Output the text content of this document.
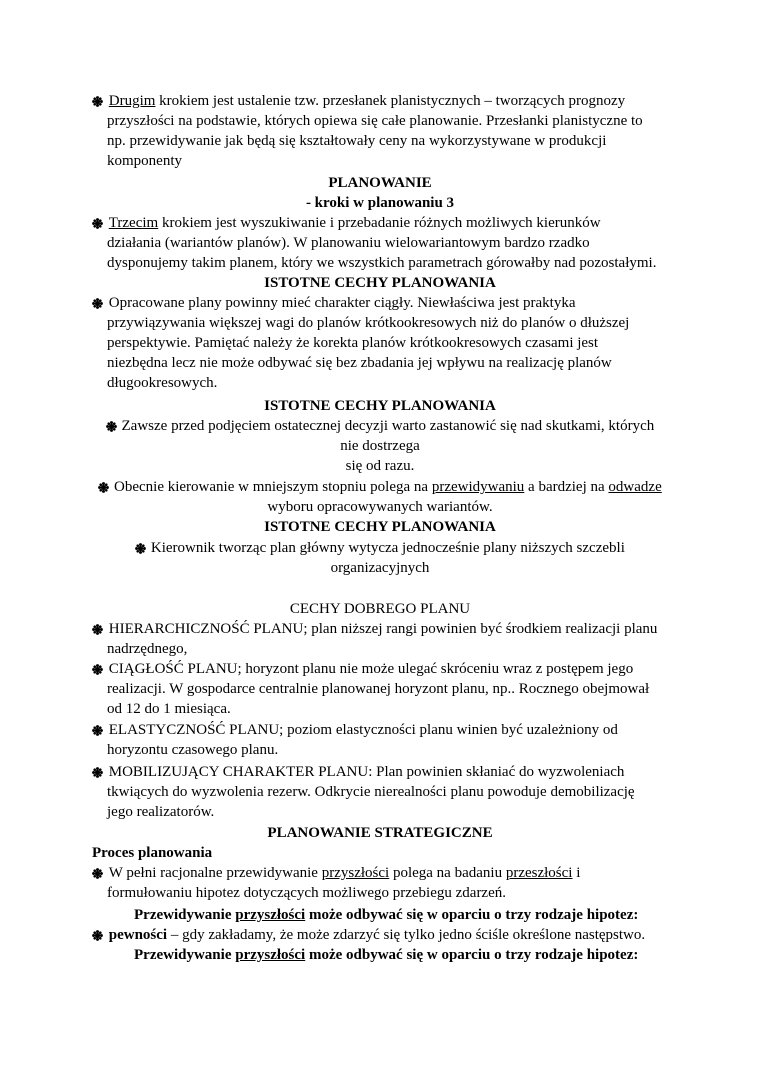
Drugim krokiem jest ustalenie tzw. przesłanek planistycznych – tworzących prognozy
przyszłości na podstawie, których opiewa się całe planowanie. Przesłanki planistyczne to
np. przewidywanie jak będą się kształtowały ceny na wykorzystywane w produkcji
komponenty
PLANOWANIE
- kroki w planowaniu 3
Trzecim krokiem jest wyszukiwanie i przebadanie różnych możliwych kierunków
działania (wariantów planów). W planowaniu wielowariantowym bardzo rzadko
dysponujemy takim planem, który we wszystkich parametrach górowałby nad pozostałymi.
ISTOTNE CECHY PLANOWANIA
Opracowane plany powinny mieć charakter ciągły. Niewłaściwa jest praktyka
przywiązywania większej wagi do planów krótkookresowych niż do planów o dłuższej
perspektywie. Pamiętać należy że korekta planów krótkookresowych czasami jest
niezbędna lecz nie może odbywać się bez zbadania jej wpływu na realizację planów
długookresowych.
ISTOTNE CECHY PLANOWANIA
Zawsze przed podjęciem ostatecznej decyzji warto zastanowić się nad skutkami, których
nie dostrzega
się od razu.
Obecnie kierowanie w mniejszym stopniu polega na przewidywaniu a bardziej na odwadze
wyboru opracowywanych wariantów.
ISTOTNE CECHY PLANOWANIA
Kierownik tworząc plan główny wytycza jednocześnie plany niższych szczebli
organizacyjnych
CECHY DOBREGO PLANU
HIERARCHICZNOŚĆ PLANU; plan niższej rangi powinien być środkiem realizacji planu
nadrzędnego,
CIĄGŁOŚĆ PLANU; horyzont planu nie może ulegać skróceniu wraz z postępem jego
realizacji. W gospodarce centralnie planowanej horyzont planu, np.. Rocznego obejmował
od 12 do 1 miesiąca.
ELASTYCZNOŚĆ PLANU; poziom elastyczności planu winien być uzależniony od
horyzontu czasowego planu.
MOBILIZUJĄCY CHARAKTER PLANU: Plan powinien skłaniać do wyzwoleniach
tkwiących do wyzwolenia rezerw. Odkrycie nierealności planu powoduje demobilizację
jego realizatorów.
PLANOWANIE STRATEGICZNE
Proces planowania
W pełni racjonalne przewidywanie przyszłości polega na badaniu przeszłości i
formułowaniu hipotez dotyczących możliwego przebiegu zdarzeń.
Przewidywanie przyszłości może odbywać się w oparciu o trzy rodzaje hipotez:
pewności – gdy zakładamy, że może zdarzyć się tylko jedno ściśle określone następstwo.
Przewidywanie przyszłości może odbywać się w oparciu o trzy rodzaje hipotez:
